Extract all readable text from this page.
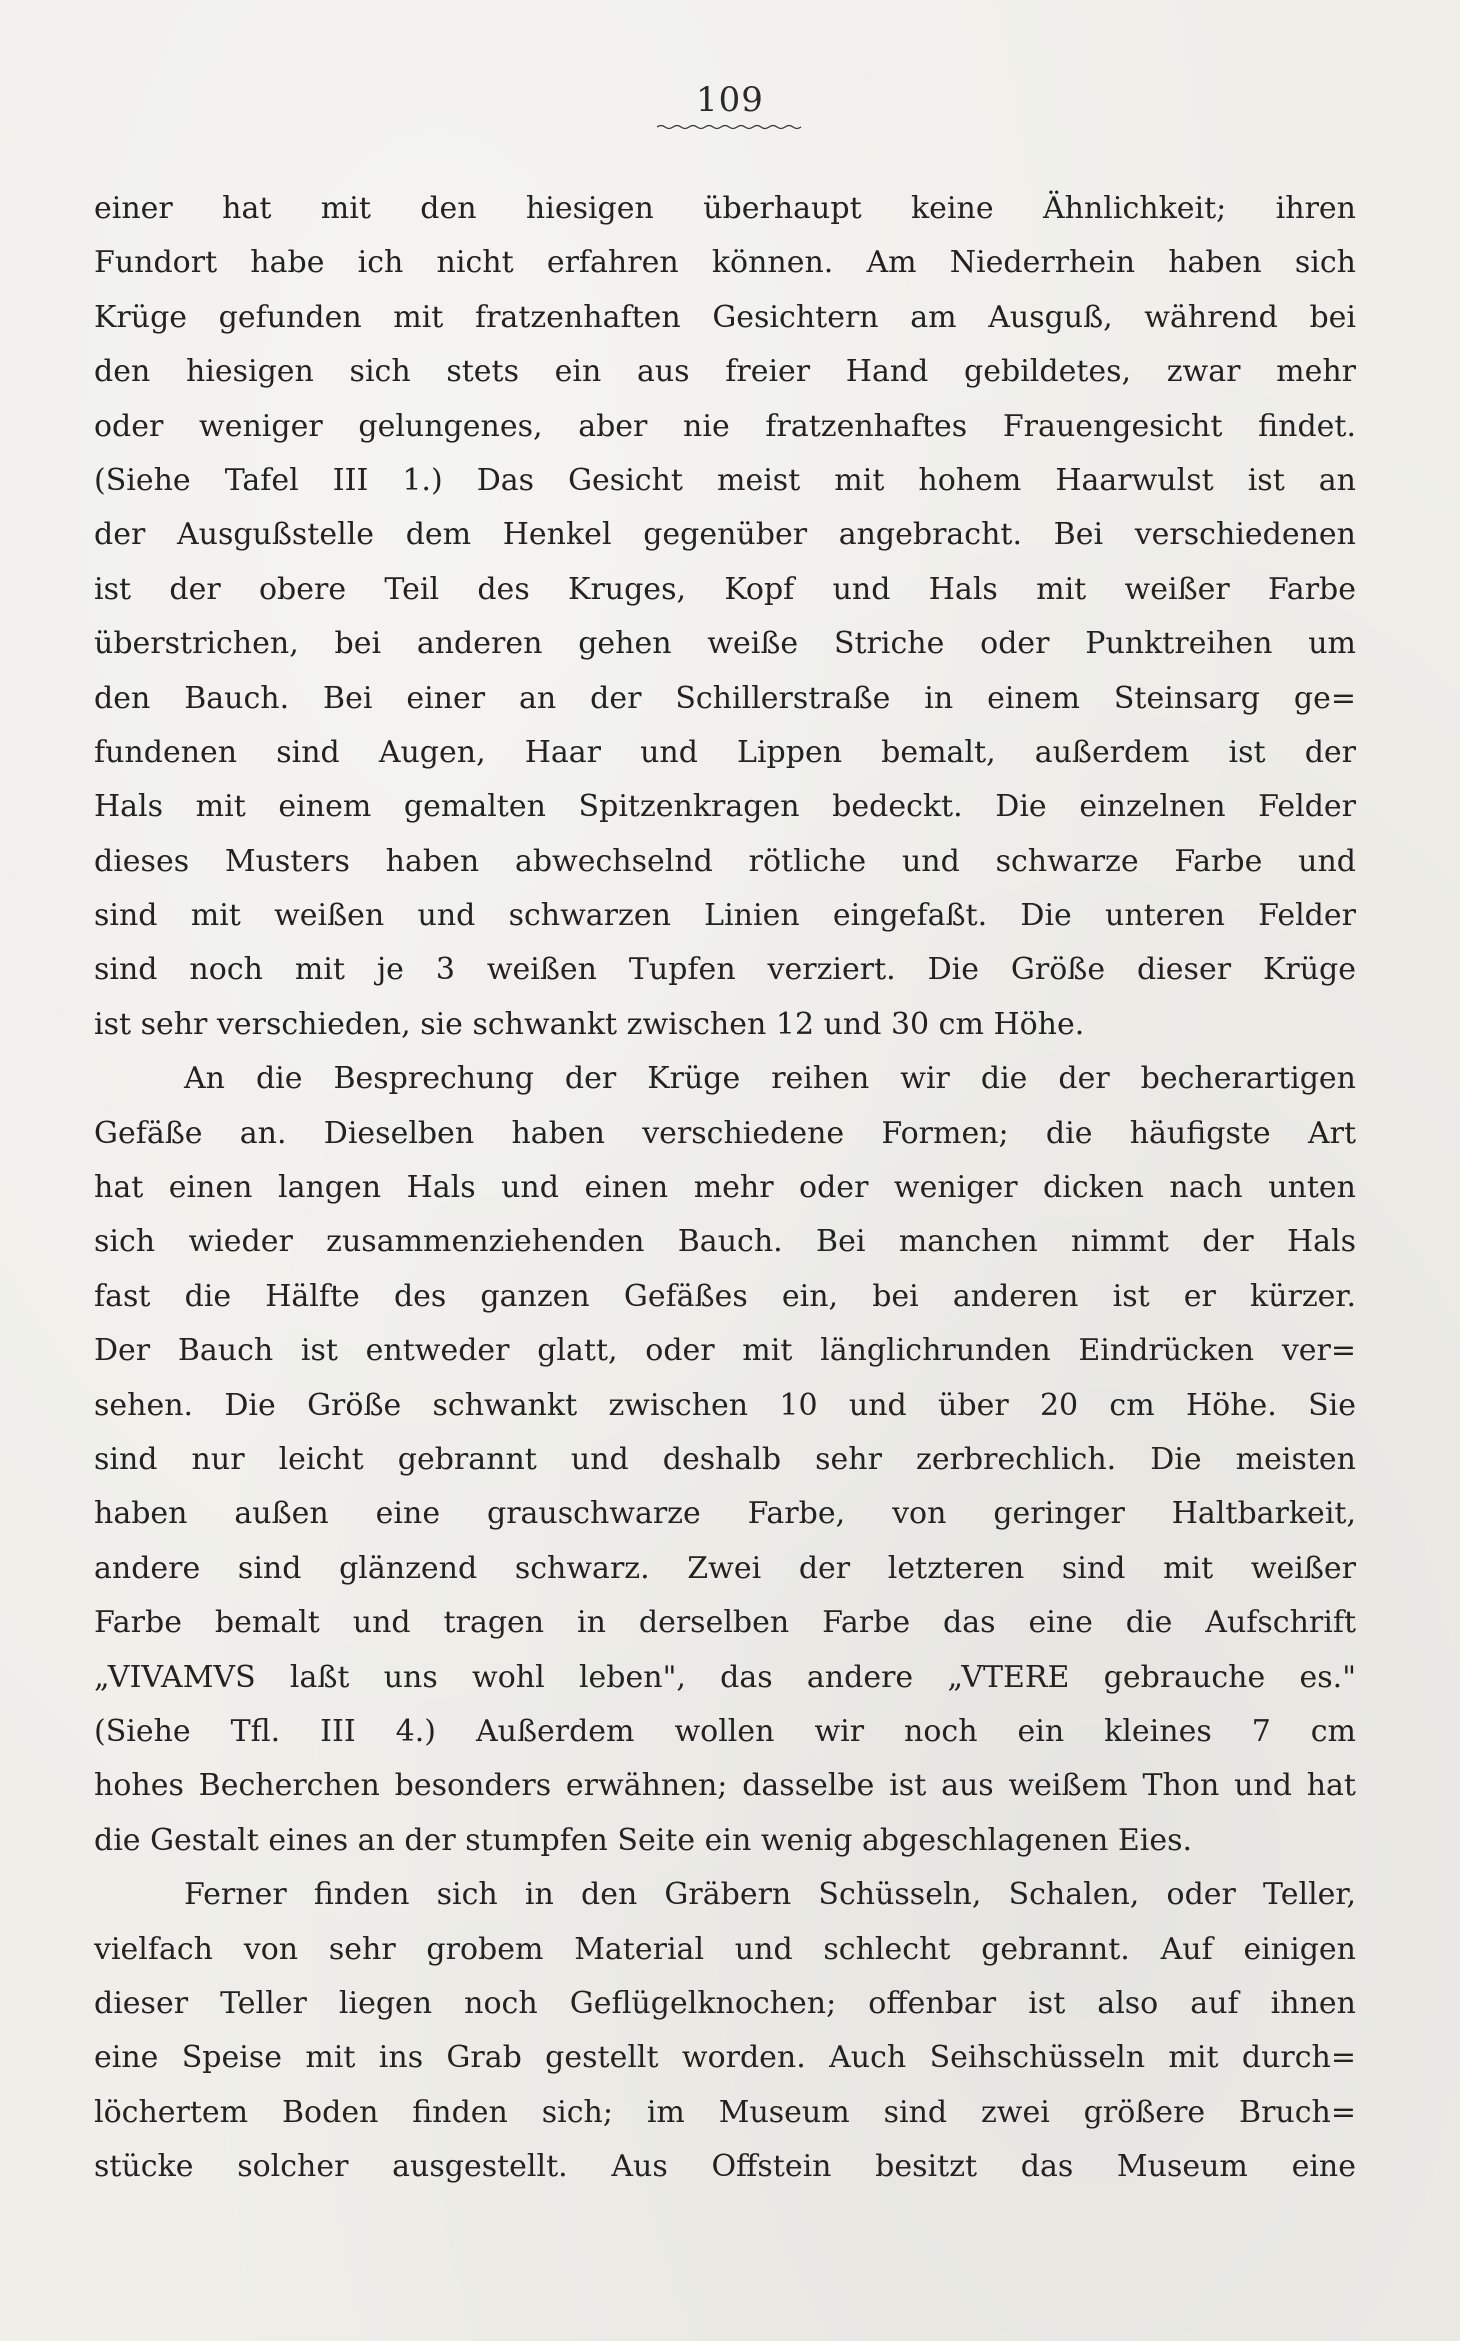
109
einer hat mit den hiesigen überhaupt keine Ähnlichkeit; ihren
Fundort habe ich nicht erfahren können. Am Niederrhein haben sich
Krüge gefunden mit fratzenhaften Gesichtern am Ausguß, während bei
den hiesigen sich stets ein aus freier Hand gebildetes, zwar mehr
oder weniger gelungenes, aber nie fratzenhaftes Frauengesicht findet.
(Siehe Tafel III 1.) Das Gesicht meist mit hohem Haarwulst ist an
der Ausgußstelle dem Henkel gegenüber angebracht. Bei verschiedenen
ist der obere Teil des Kruges, Kopf und Hals mit weißer Farbe
überstrichen, bei anderen gehen weiße Striche oder Punktreihen um
den Bauch. Bei einer an der Schillerstraße in einem Steinsarg ge=
fundenen sind Augen, Haar und Lippen bemalt, außerdem ist der
Hals mit einem gemalten Spitzenkragen bedeckt. Die einzelnen Felder
dieses Musters haben abwechselnd rötliche und schwarze Farbe und
sind mit weißen und schwarzen Linien eingefaßt. Die unteren Felder
sind noch mit je 3 weißen Tupfen verziert. Die Größe dieser Krüge
ist sehr verschieden, sie schwankt zwischen 12 und 30 cm Höhe.
An die Besprechung der Krüge reihen wir die der becherartigen
Gefäße an. Dieselben haben verschiedene Formen; die häufigste Art
hat einen langen Hals und einen mehr oder weniger dicken nach unten
sich wieder zusammenziehenden Bauch. Bei manchen nimmt der Hals
fast die Hälfte des ganzen Gefäßes ein, bei anderen ist er kürzer.
Der Bauch ist entweder glatt, oder mit länglichrunden Eindrücken ver=
sehen. Die Größe schwankt zwischen 10 und über 20 cm Höhe. Sie
sind nur leicht gebrannt und deshalb sehr zerbrechlich. Die meisten
haben außen eine grauschwarze Farbe, von geringer Haltbarkeit,
andere sind glänzend schwarz. Zwei der letzteren sind mit weißer
Farbe bemalt und tragen in derselben Farbe das eine die Aufschrift
„VIVAMVS laßt uns wohl leben", das andere „VTERE gebrauche es."
(Siehe Tfl. III 4.) Außerdem wollen wir noch ein kleines 7 cm
hohes Becherchen besonders erwähnen; dasselbe ist aus weißem Thon und hat
die Gestalt eines an der stumpfen Seite ein wenig abgeschlagenen Eies.
Ferner finden sich in den Gräbern Schüsseln, Schalen, oder Teller,
vielfach von sehr grobem Material und schlecht gebrannt. Auf einigen
dieser Teller liegen noch Geflügelknochen; offenbar ist also auf ihnen
eine Speise mit ins Grab gestellt worden. Auch Seihschüsseln mit durch=
löchertem Boden finden sich; im Museum sind zwei größere Bruch=
stücke solcher ausgestellt. Aus Offstein besitzt das Museum eine
